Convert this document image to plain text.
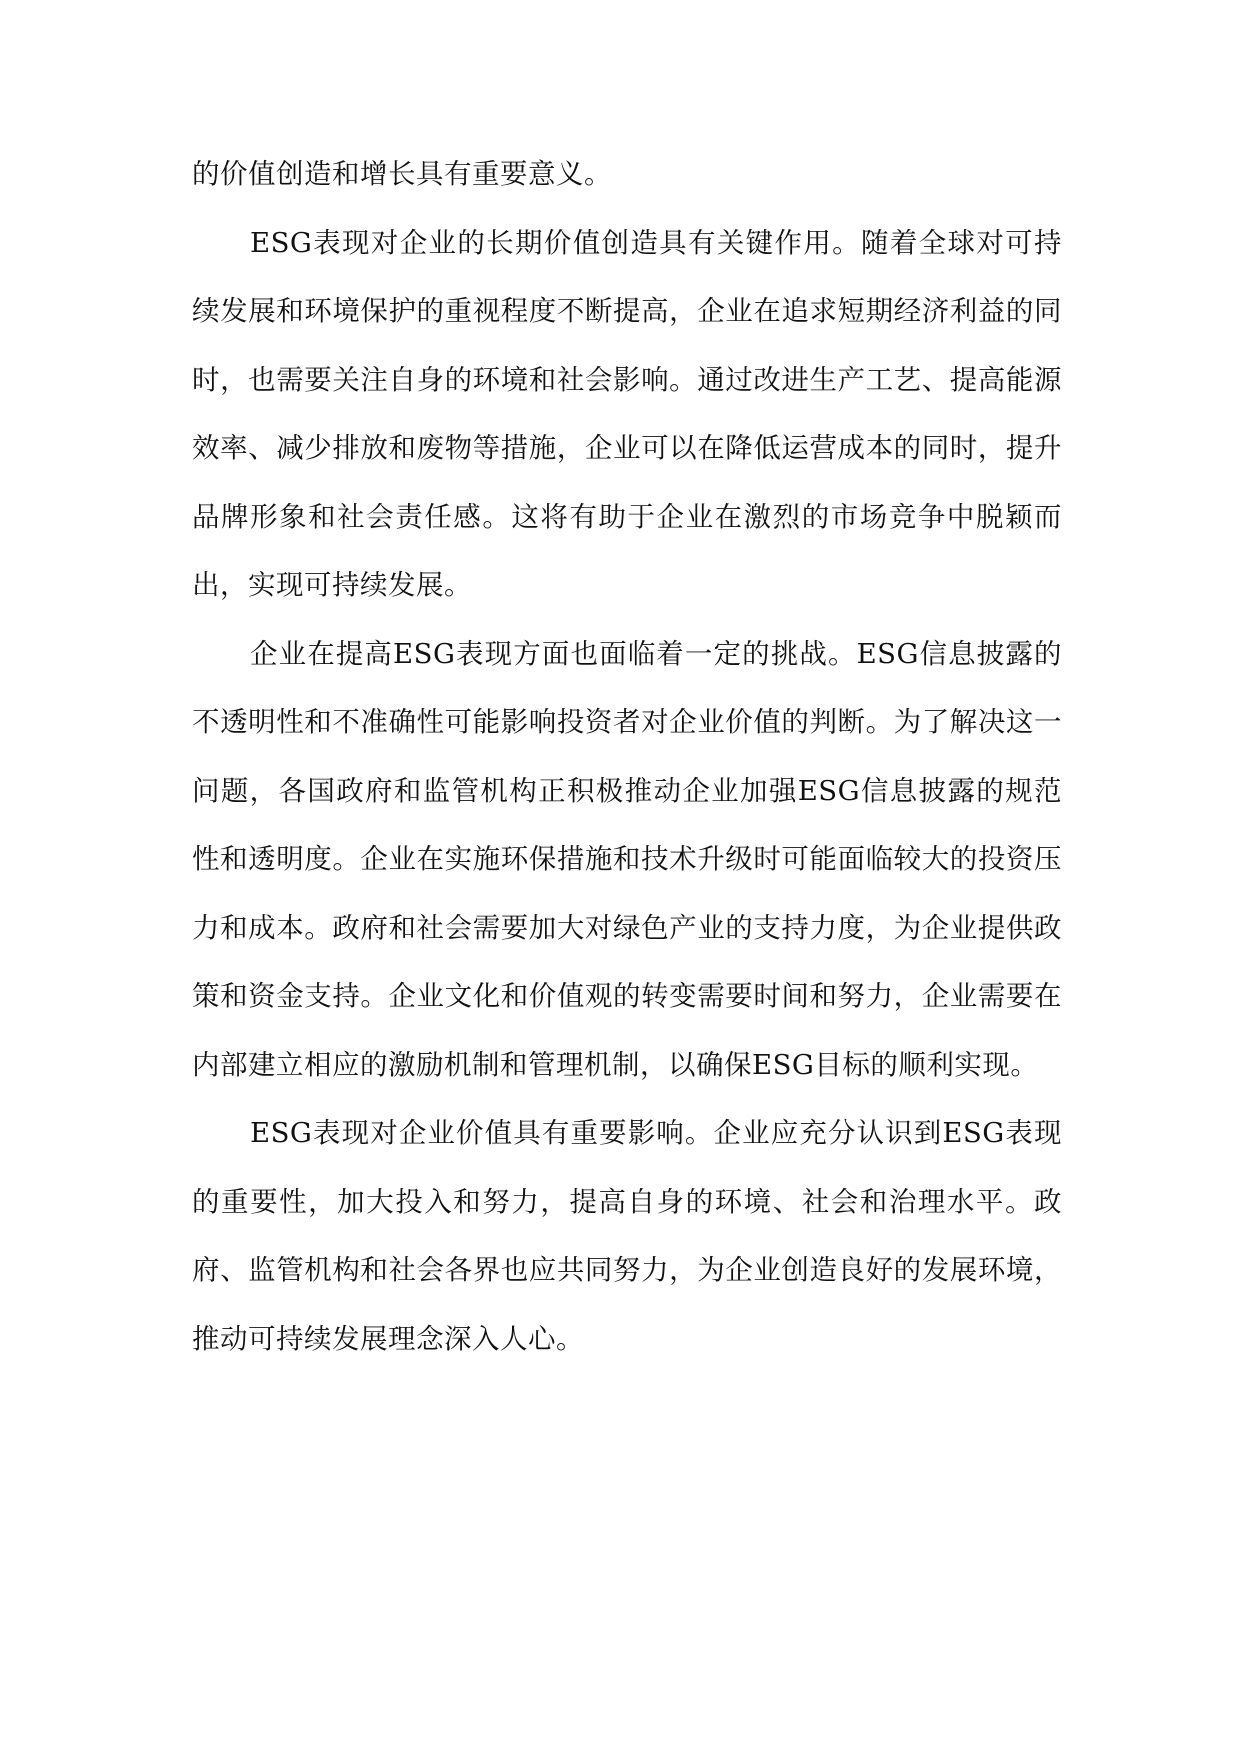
的价值创造和增长具有重要意义。

ESG表现对企业的长期价值创造具有关键作用。随着全球对可持续发展和环境保护的重视程度不断提高，企业在追求短期经济利益的同时，也需要关注自身的环境和社会影响。通过改进生产工艺、提高能源效率、减少排放和废物等措施，企业可以在降低运营成本的同时，提升品牌形象和社会责任感。这将有助于企业在激烈的市场竞争中脱颖而出，实现可持续发展。

企业在提高ESG表现方面也面临着一定的挑战。ESG信息披露的不透明性和不准确性可能影响投资者对企业价值的判断。为了解决这一问题，各国政府和监管机构正积极推动企业加强ESG信息披露的规范性和透明度。企业在实施环保措施和技术升级时可能面临较大的投资压力和成本。政府和社会需要加大对绿色产业的支持力度，为企业提供政策和资金支持。企业文化和价值观的转变需要时间和努力，企业需要在内部建立相应的激励机制和管理机制，以确保ESG目标的顺利实现。

ESG表现对企业价值具有重要影响。企业应充分认识到ESG表现的重要性，加大投入和努力，提高自身的环境、社会和治理水平。政府、监管机构和社会各界也应共同努力，为企业创造良好的发展环境，推动可持续发展理念深入人心。
